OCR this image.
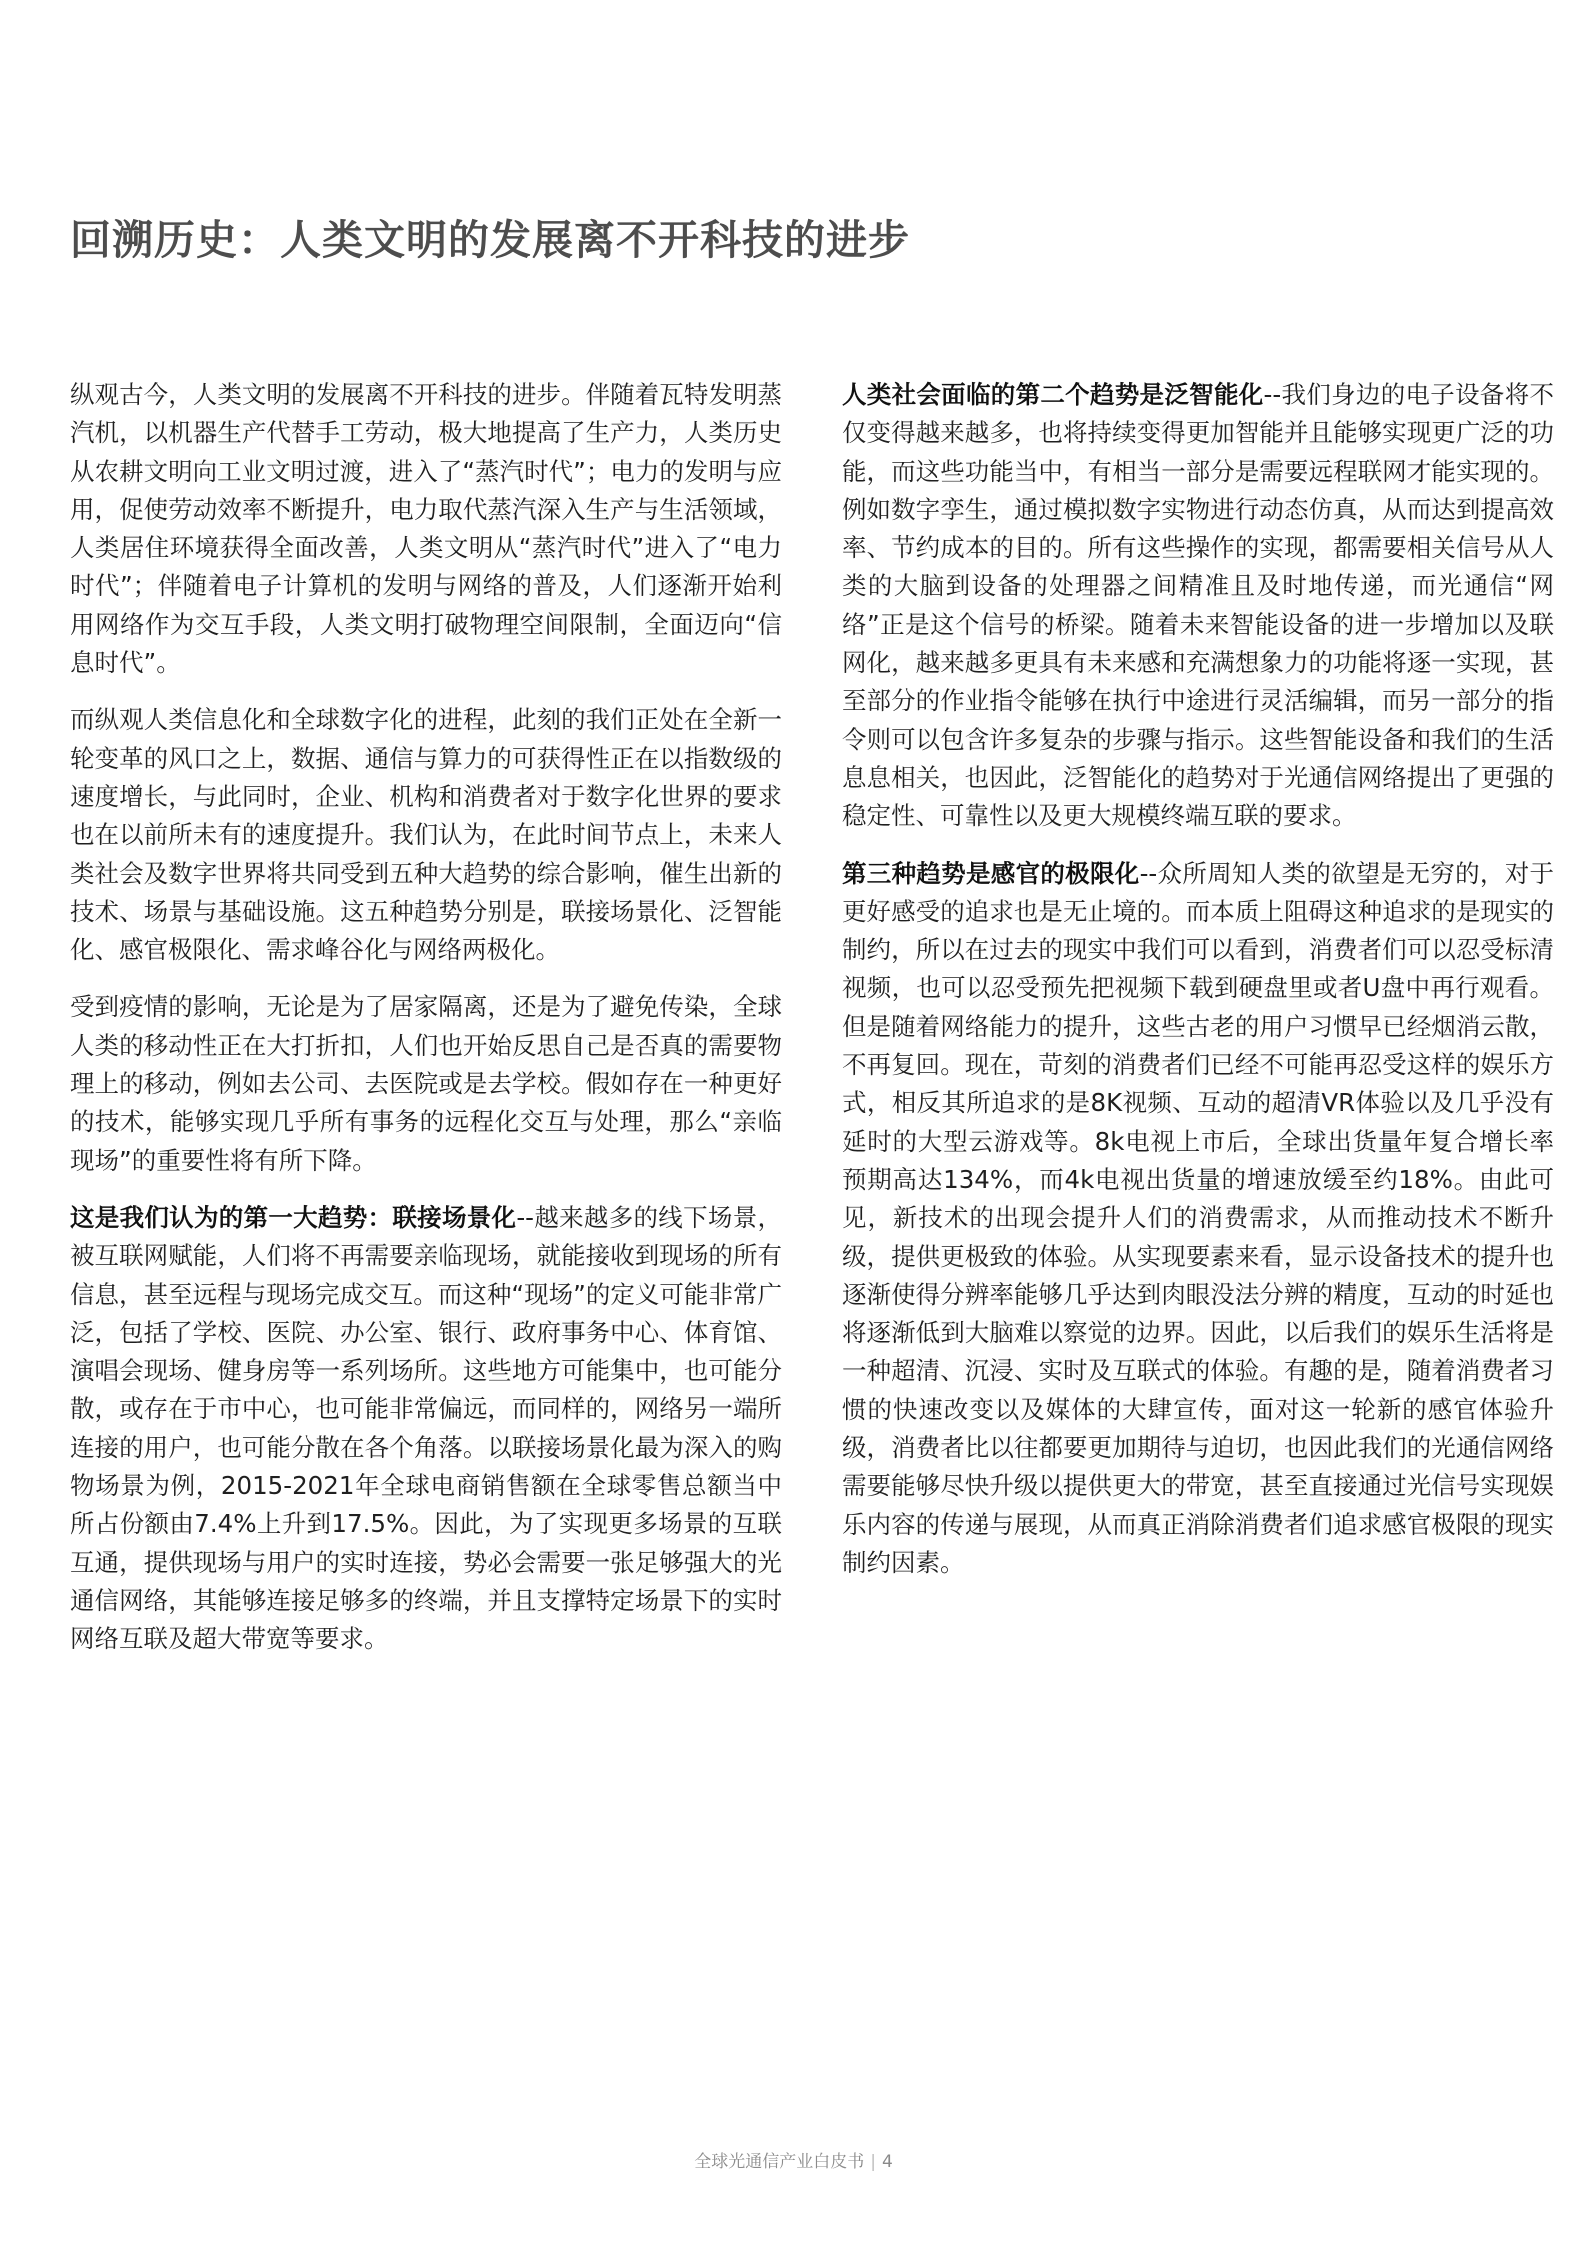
回溯历史：人类文明的发展离不开科技的进步

纵观古今，人类文明的发展离不开科技的进步。伴随着瓦特发明蒸汽机，以机器生产代替手工劳动，极大地提高了生产力，人类历史从农耕文明向工业文明过渡，进入了“蒸汽时代”；电力的发明与应用，促使劳动效率不断提升，电力取代蒸汽深入生产与生活领域，人类居住环境获得全面改善，人类文明从“蒸汽时代”进入了“电力时代”；伴随着电子计算机的发明与网络的普及，人们逐渐开始利用网络作为交互手段，人类文明打破物理空间限制，全面迈向“信息时代”。

而纵观人类信息化和全球数字化的进程，此刻的我们正处在全新一轮变革的风口之上，数据、通信与算力的可获得性正在以指数级的速度增长，与此同时，企业、机构和消费者对于数字化世界的要求也在以前所未有的速度提升。我们认为，在此时间节点上，未来人类社会及数字世界将共同受到五种大趋势的综合影响，催生出新的技术、场景与基础设施。这五种趋势分别是，联接场景化、泛智能化、感官极限化、需求峰谷化与网络两极化。

受到疫情的影响，无论是为了居家隔离，还是为了避免传染，全球人类的移动性正在大打折扣，人们也开始反思自己是否真的需要物理上的移动，例如去公司、去医院或是去学校。假如存在一种更好的技术，能够实现几乎所有事务的远程化交互与处理，那么“亲临现场”的重要性将有所下降。

这是我们认为的第一大趋势：联接场景化--越来越多的线下场景，被互联网赋能，人们将不再需要亲临现场，就能接收到现场的所有信息，甚至远程与现场完成交互。而这种“现场”的定义可能非常广泛，包括了学校、医院、办公室、银行、政府事务中心、体育馆、演唱会现场、健身房等一系列场所。这些地方可能集中，也可能分散，或存在于市中心，也可能非常偏远，而同样的，网络另一端所连接的用户，也可能分散在各个角落。以联接场景化最为深入的购物场景为例，2015-2021年全球电商销售额在全球零售总额当中所占份额由7.4%上升到17.5%。因此，为了实现更多场景的互联互通，提供现场与用户的实时连接，势必会需要一张足够强大的光通信网络，其能够连接足够多的终端，并且支撑特定场景下的实时网络互联及超大带宽等要求。

人类社会面临的第二个趋势是泛智能化--我们身边的电子设备将不仅变得越来越多，也将持续变得更加智能并且能够实现更广泛的功能，而这些功能当中，有相当一部分是需要远程联网才能实现的。例如数字孪生，通过模拟数字实物进行动态仿真，从而达到提高效率、节约成本的目的。所有这些操作的实现，都需要相关信号从人类的大脑到设备的处理器之间精准且及时地传递，而光通信“网络”正是这个信号的桥梁。随着未来智能设备的进一步增加以及联网化，越来越多更具有未来感和充满想象力的功能将逐一实现，甚至部分的作业指令能够在执行中途进行灵活编辑，而另一部分的指令则可以包含许多复杂的步骤与指示。这些智能设备和我们的生活息息相关，也因此，泛智能化的趋势对于光通信网络提出了更强的稳定性、可靠性以及更大规模终端互联的要求。

第三种趋势是感官的极限化--众所周知人类的欲望是无穷的，对于更好感受的追求也是无止境的。而本质上阻碍这种追求的是现实的制约，所以在过去的现实中我们可以看到，消费者们可以忍受标清视频，也可以忍受预先把视频下载到硬盘里或者U盘中再行观看。但是随着网络能力的提升，这些古老的用户习惯早已经烟消云散，不再复回。现在，苛刻的消费者们已经不可能再忍受这样的娱乐方式，相反其所追求的是8K视频、互动的超清VR体验以及几乎没有延时的大型云游戏等。8k电视上市后，全球出货量年复合增长率预期高达134%，而4k电视出货量的增速放缓至约18%。由此可见，新技术的出现会提升人们的消费需求，从而推动技术不断升级，提供更极致的体验。从实现要素来看，显示设备技术的提升也逐渐使得分辨率能够几乎达到肉眼没法分辨的精度，互动的时延也将逐渐低到大脑难以察觉的边界。因此，以后我们的娱乐生活将是一种超清、沉浸、实时及互联式的体验。有趣的是，随着消费者习惯的快速改变以及媒体的大肆宣传，面对这一轮新的感官体验升级，消费者比以往都要更加期待与迫切，也因此我们的光通信网络需要能够尽快升级以提供更大的带宽，甚至直接通过光信号实现娱乐内容的传递与展现，从而真正消除消费者们追求感官极限的现实制约因素。

全球光通信产业白皮书 | 4
